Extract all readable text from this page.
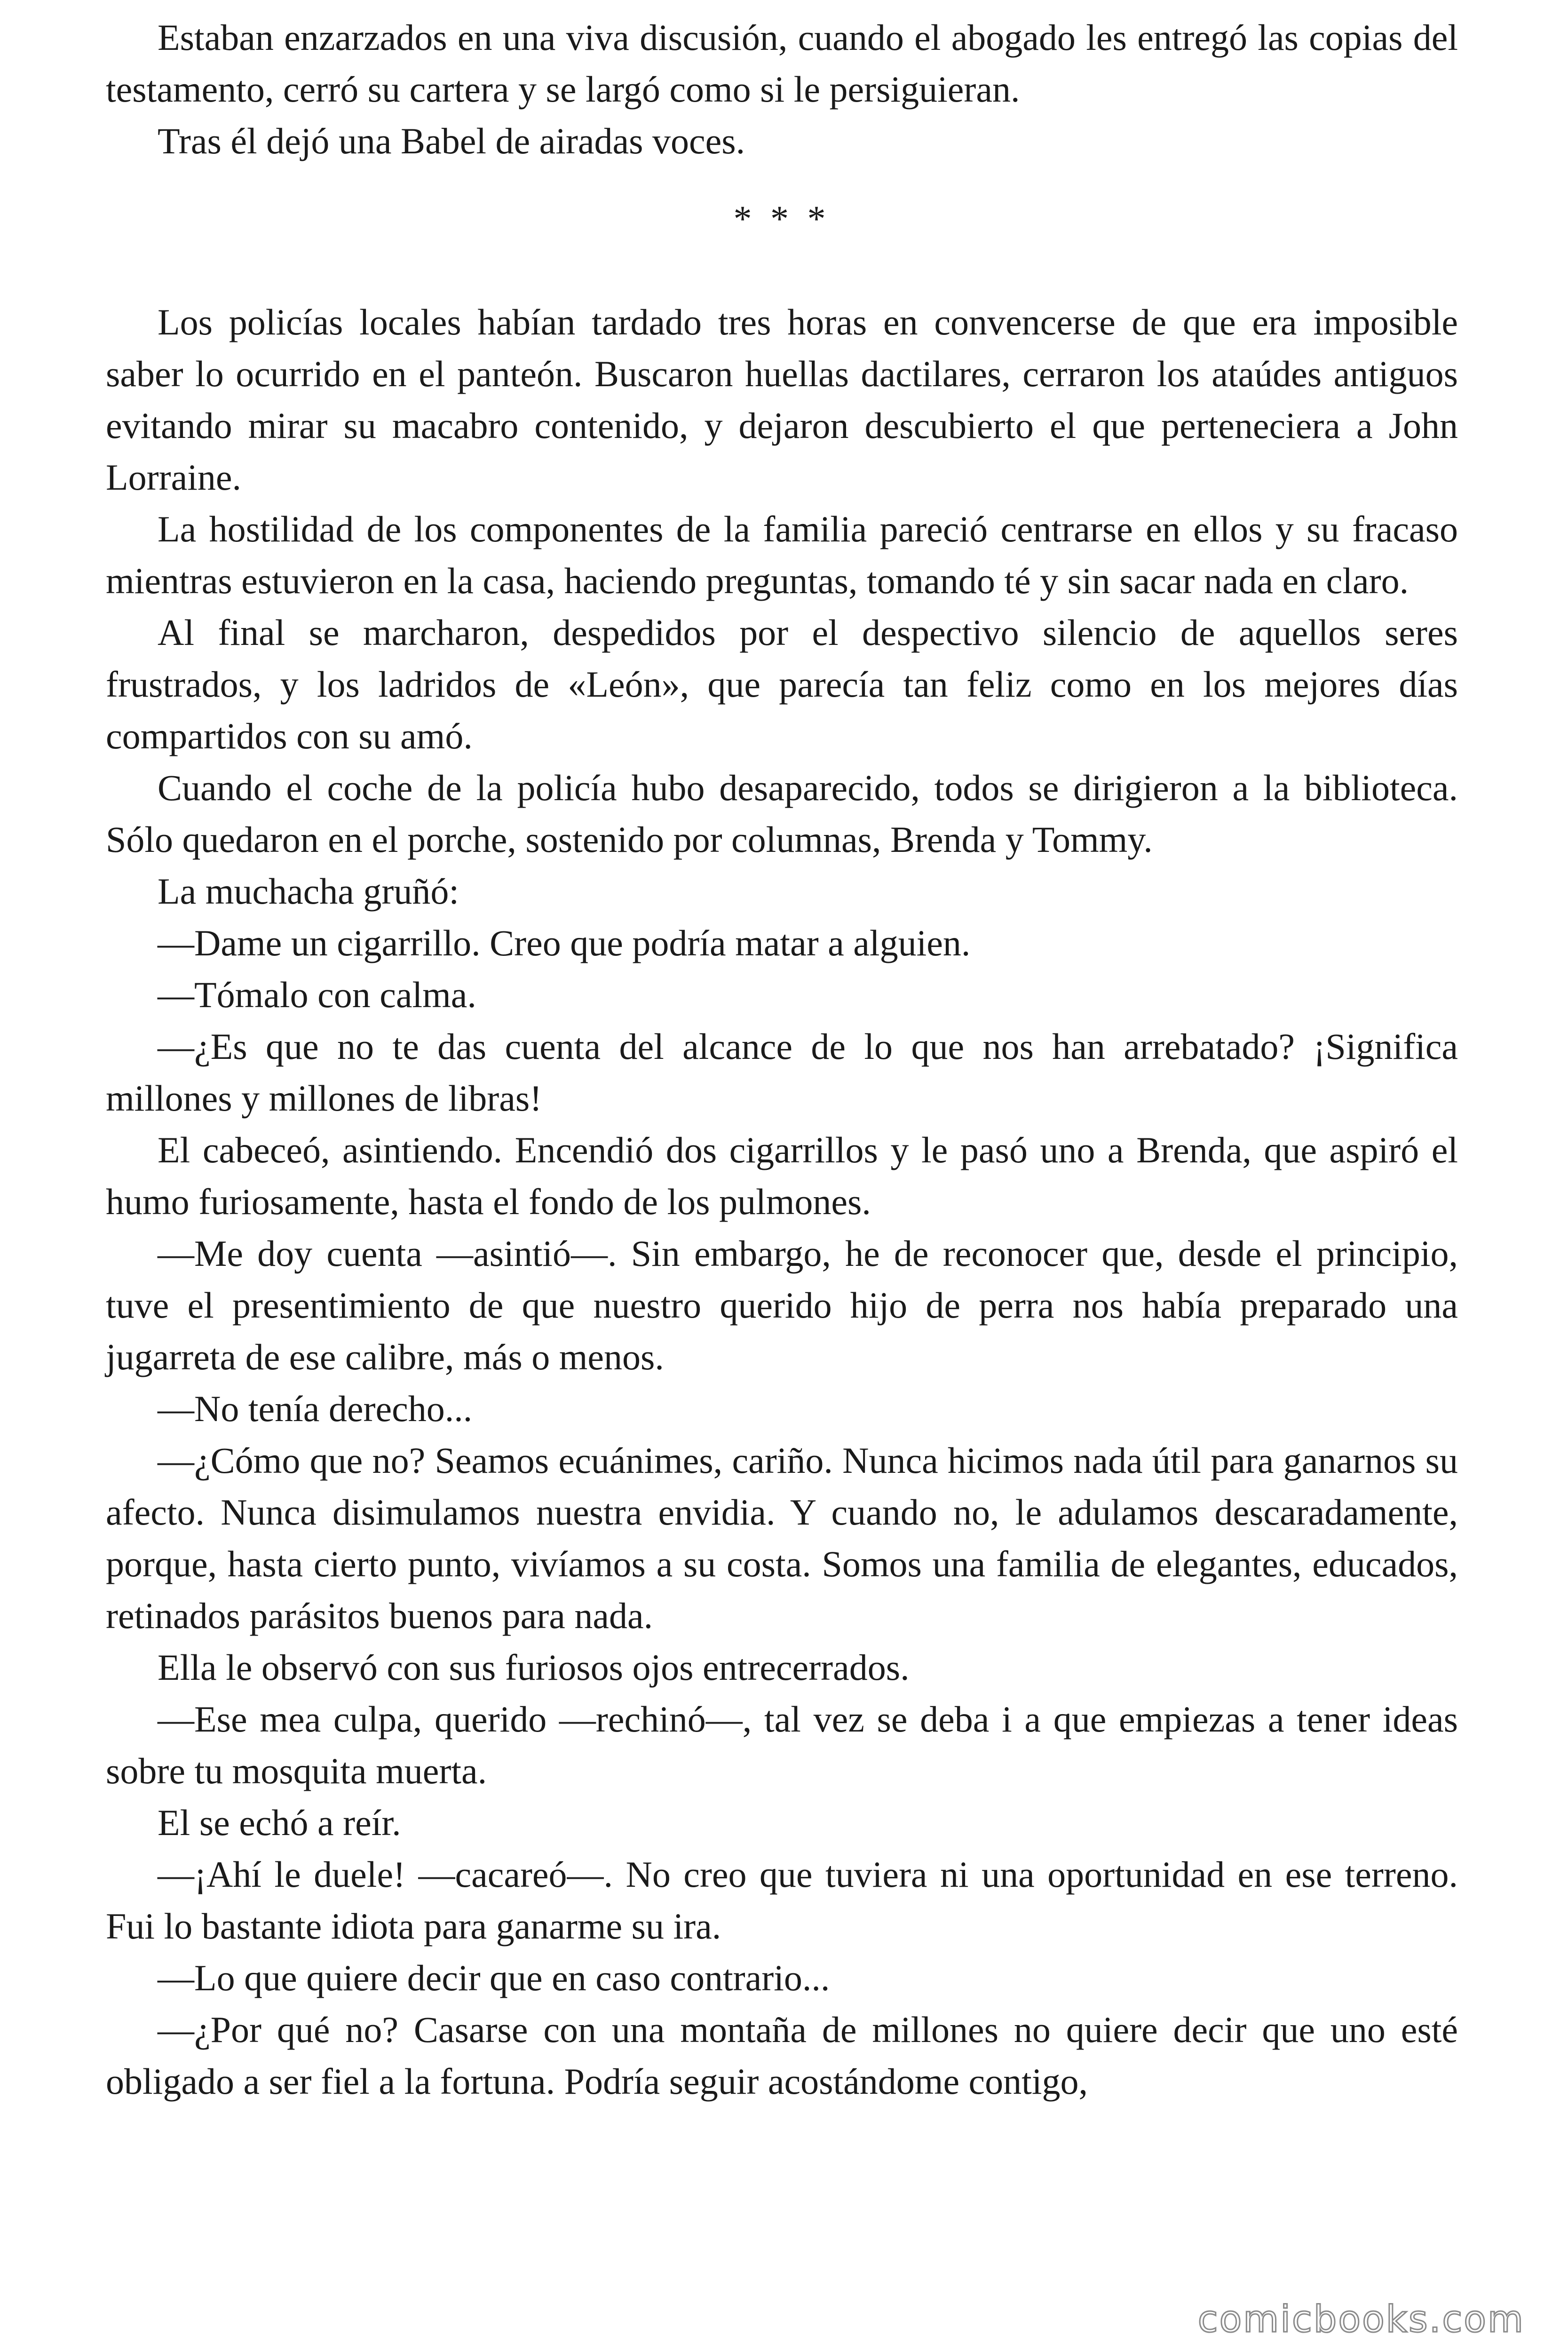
Estaban enzarzados en una viva discusión, cuando el abogado les entregó las copias del testamento, cerró su cartera y se largó como si le persiguieran.

Tras él dejó una Babel de airadas voces.

* * *

Los policías locales habían tardado tres horas en convencerse de que era imposible saber lo ocurrido en el panteón. Buscaron huellas dactilares, cerraron los ataúdes antiguos evitando mirar su macabro contenido, y dejaron descubierto el que perteneciera a John Lorraine.

La hostilidad de los componentes de la familia pareció centrarse en ellos y su fracaso mientras estuvieron en la casa, haciendo preguntas, tomando té y sin sacar nada en claro.

Al final se marcharon, despedidos por el despectivo silencio de aquellos seres frustrados, y los ladridos de «León», que parecía tan feliz como en los mejores días compartidos con su amó.

Cuando el coche de la policía hubo desaparecido, todos se dirigieron a la biblioteca. Sólo quedaron en el porche, sostenido por columnas, Brenda y Tommy.

La muchacha gruñó:

—Dame un cigarrillo. Creo que podría matar a alguien.

—Tómalo con calma.

—¿Es que no te das cuenta del alcance de lo que nos han arrebatado? ¡Significa millones y millones de libras!

El cabeceó, asintiendo. Encendió dos cigarrillos y le pasó uno a Brenda, que aspiró el humo furiosamente, hasta el fondo de los pulmones.

—Me doy cuenta —asintió—. Sin embargo, he de reconocer que, desde el principio, tuve el presentimiento de que nuestro querido hijo de perra nos había preparado una jugarreta de ese calibre, más o menos.

—No tenía derecho...

—¿Cómo que no? Seamos ecuánimes, cariño. Nunca hicimos nada útil para ganarnos su afecto. Nunca disimulamos nuestra envidia. Y cuando no, le adulamos descaradamente, porque, hasta cierto punto, vivíamos a su costa. Somos una familia de elegantes, educados, retinados parásitos buenos para nada.

Ella le observó con sus furiosos ojos entrecerrados.

—Ese mea culpa, querido —rechinó—, tal vez se deba i a que empiezas a tener ideas sobre tu mosquita muerta.

El se echó a reír.

—¡Ahí le duele! —cacareó—. No creo que tuviera ni una oportunidad en ese terreno. Fui lo bastante idiota para ganarme su ira.

—Lo que quiere decir que en caso contrario...

—¿Por qué no? Casarse con una montaña de millones no quiere decir que uno esté obligado a ser fiel a la fortuna. Podría seguir acostándome contigo,

comicbooks.com
